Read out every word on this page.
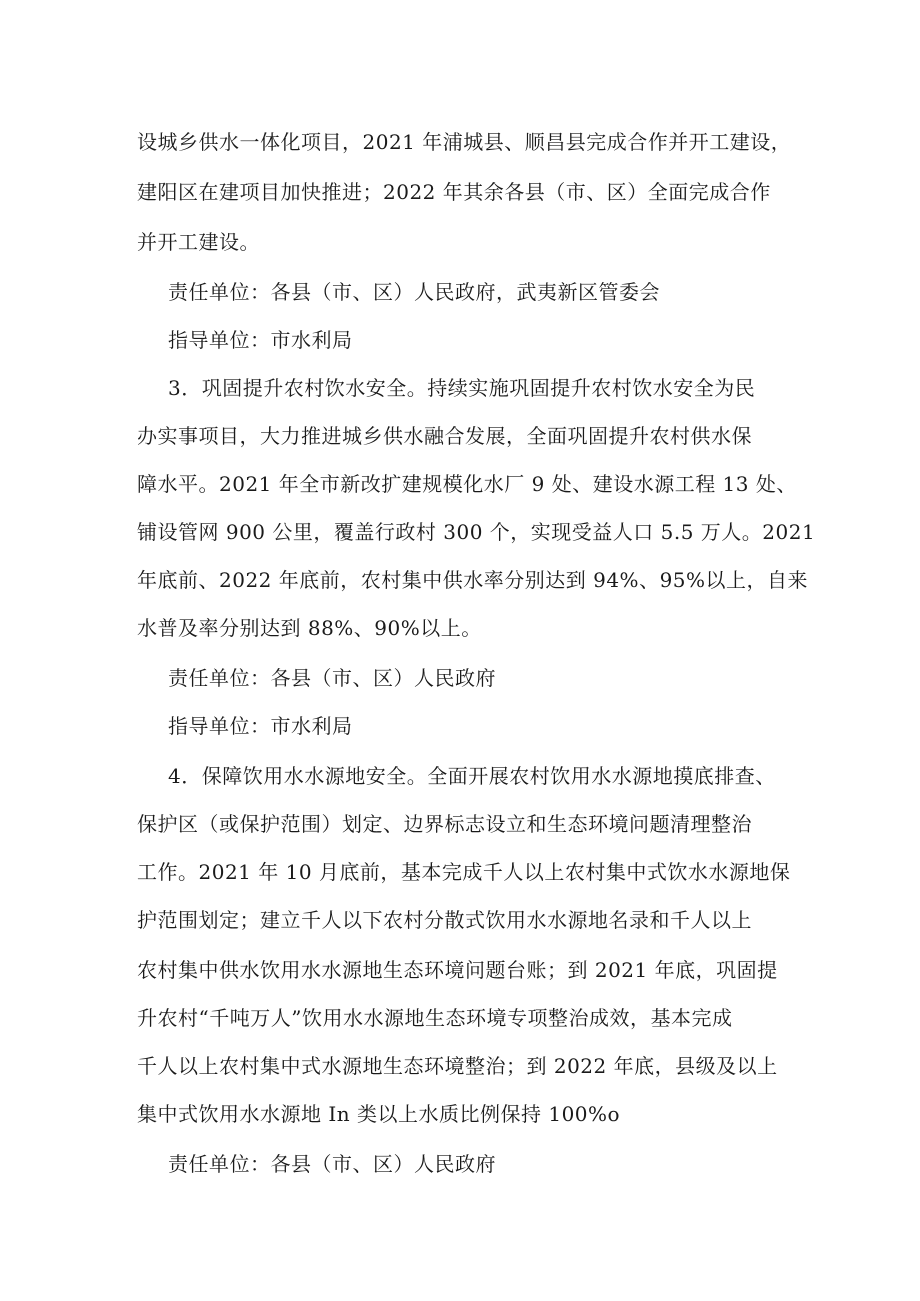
设城乡供水一体化项目，2021 年浦城县、顺昌县完成合作并开工建设，
建阳区在建项目加快推进；2022 年其余各县（市、区）全面完成合作
并开工建设。
责任单位：各县（市、区）人民政府，武夷新区管委会
指导单位：市水利局
3．巩固提升农村饮水安全。持续实施巩固提升农村饮水安全为民
办实事项目，大力推进城乡供水融合发展，全面巩固提升农村供水保
障水平。2021 年全市新改扩建规模化水厂 9 处、建设水源工程 13 处、
铺设管网 900 公里，覆盖行政村 300 个，实现受益人口 5.5 万人。2021
年底前、2022 年底前，农村集中供水率分别达到 94%、95%以上，自来
水普及率分别达到 88%、90%以上。
责任单位：各县（市、区）人民政府
指导单位：市水利局
4．保障饮用水水源地安全。全面开展农村饮用水水源地摸底排查、
保护区（或保护范围）划定、边界标志设立和生态环境问题清理整治
工作。2021 年 10 月底前，基本完成千人以上农村集中式饮水水源地保
护范围划定；建立千人以下农村分散式饮用水水源地名录和千人以上
农村集中供水饮用水水源地生态环境问题台账；到 2021 年底，巩固提
升农村“千吨万人”饮用水水源地生态环境专项整治成效，基本完成
千人以上农村集中式水源地生态环境整治；到 2022 年底，县级及以上
集中式饮用水水源地 In 类以上水质比例保持 100%o
责任单位：各县（市、区）人民政府
